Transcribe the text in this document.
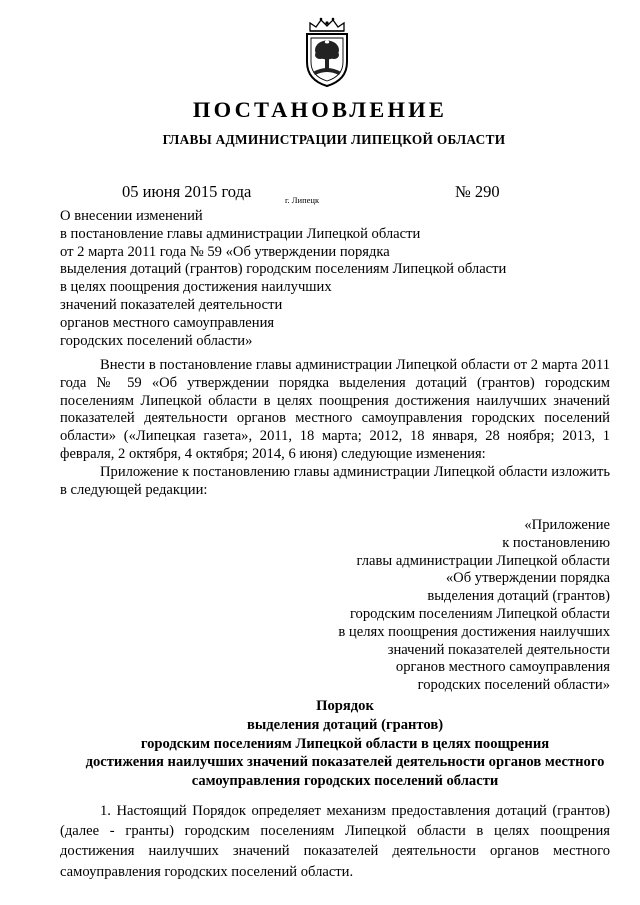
ПОСТАНОВЛЕНИЕ
ГЛАВЫ АДМИНИСТРАЦИИ ЛИПЕЦКОЙ ОБЛАСТИ
05 июня 2015 года	г. Липецк	№ 290
О внесении изменений
в постановление главы администрации Липецкой области
от 2 марта 2011 года № 59 «Об утверждении порядка
выделения дотаций (грантов) городским поселениям Липецкой области
в целях поощрения достижения наилучших
значений показателей деятельности
органов местного самоуправления
городских поселений области»
Внести в постановление главы администрации Липецкой области от 2 марта 2011 года № 59 «Об утверждении порядка выделения дотаций (грантов) городским поселениям Липецкой области в целях поощрения достижения наилучших значений показателей деятельности органов местного самоуправления городских поселений области» («Липецкая газета», 2011, 18 марта; 2012, 18 января, 28 ноября; 2013, 1 февраля, 2 октября, 4 октября; 2014, 6 июня) следующие изменения:
Приложение к постановлению главы администрации Липецкой области изложить в следующей редакции:
«Приложение
к постановлению
главы администрации Липецкой области
«Об утверждении порядка
выделения дотаций (грантов)
городским поселениям Липецкой области
в целях поощрения достижения наилучших
значений показателей деятельности
органов местного самоуправления
городских поселений области»
Порядок
выделения дотаций (грантов)
городским поселениям Липецкой области в целях поощрения
достижения наилучших значений показателей деятельности органов местного
самоуправления городских поселений области
1. Настоящий Порядок определяет механизм предоставления дотаций (грантов) (далее - гранты) городским поселениям Липецкой области в целях поощрения достижения наилучших значений показателей деятельности органов местного самоуправления городских поселений области.
